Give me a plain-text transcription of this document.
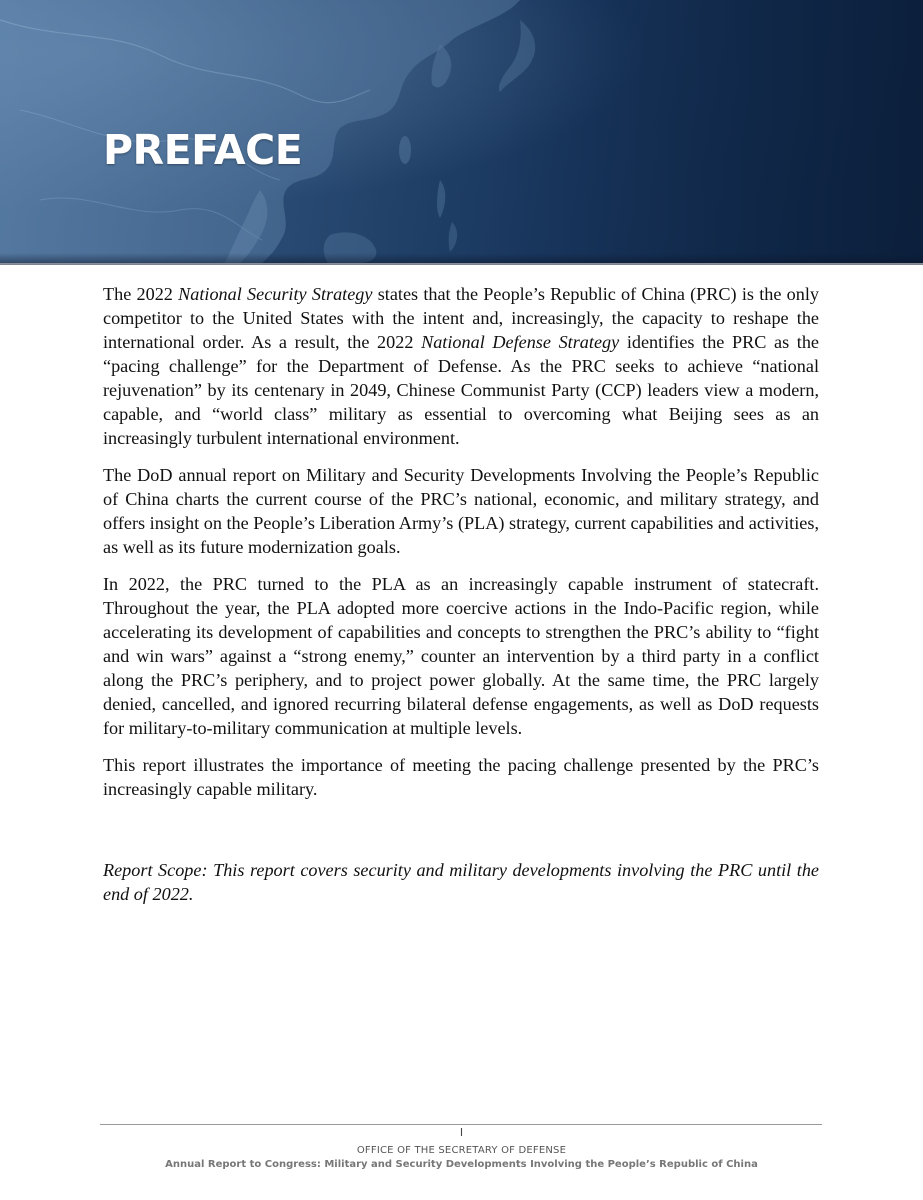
PREFACE

The 2022 National Security Strategy states that the People’s Republic of China (PRC) is the only competitor to the United States with the intent and, increasingly, the capacity to reshape the international order. As a result, the 2022 National Defense Strategy identifies the PRC as the “pacing challenge” for the Department of Defense. As the PRC seeks to achieve “national rejuvenation” by its centenary in 2049, Chinese Communist Party (CCP) leaders view a modern, capable, and “world class” military as essential to overcoming what Beijing sees as an increasingly turbulent international environment.

The DoD annual report on Military and Security Developments Involving the People’s Republic of China charts the current course of the PRC’s national, economic, and military strategy, and offers insight on the People’s Liberation Army’s (PLA) strategy, current capabilities and activities, as well as its future modernization goals.

In 2022, the PRC turned to the PLA as an increasingly capable instrument of statecraft. Throughout the year, the PLA adopted more coercive actions in the Indo-Pacific region, while accelerating its development of capabilities and concepts to strengthen the PRC’s ability to “fight and win wars” against a “strong enemy,” counter an intervention by a third party in a conflict along the PRC’s periphery, and to project power globally. At the same time, the PRC largely denied, cancelled, and ignored recurring bilateral defense engagements, as well as DoD requests for military-to-military communication at multiple levels.

This report illustrates the importance of meeting the pacing challenge presented by the PRC’s increasingly capable military.

Report Scope: This report covers security and military developments involving the PRC until the end of 2022.

I
OFFICE OF THE SECRETARY OF DEFENSE
Annual Report to Congress: Military and Security Developments Involving the People’s Republic of China
